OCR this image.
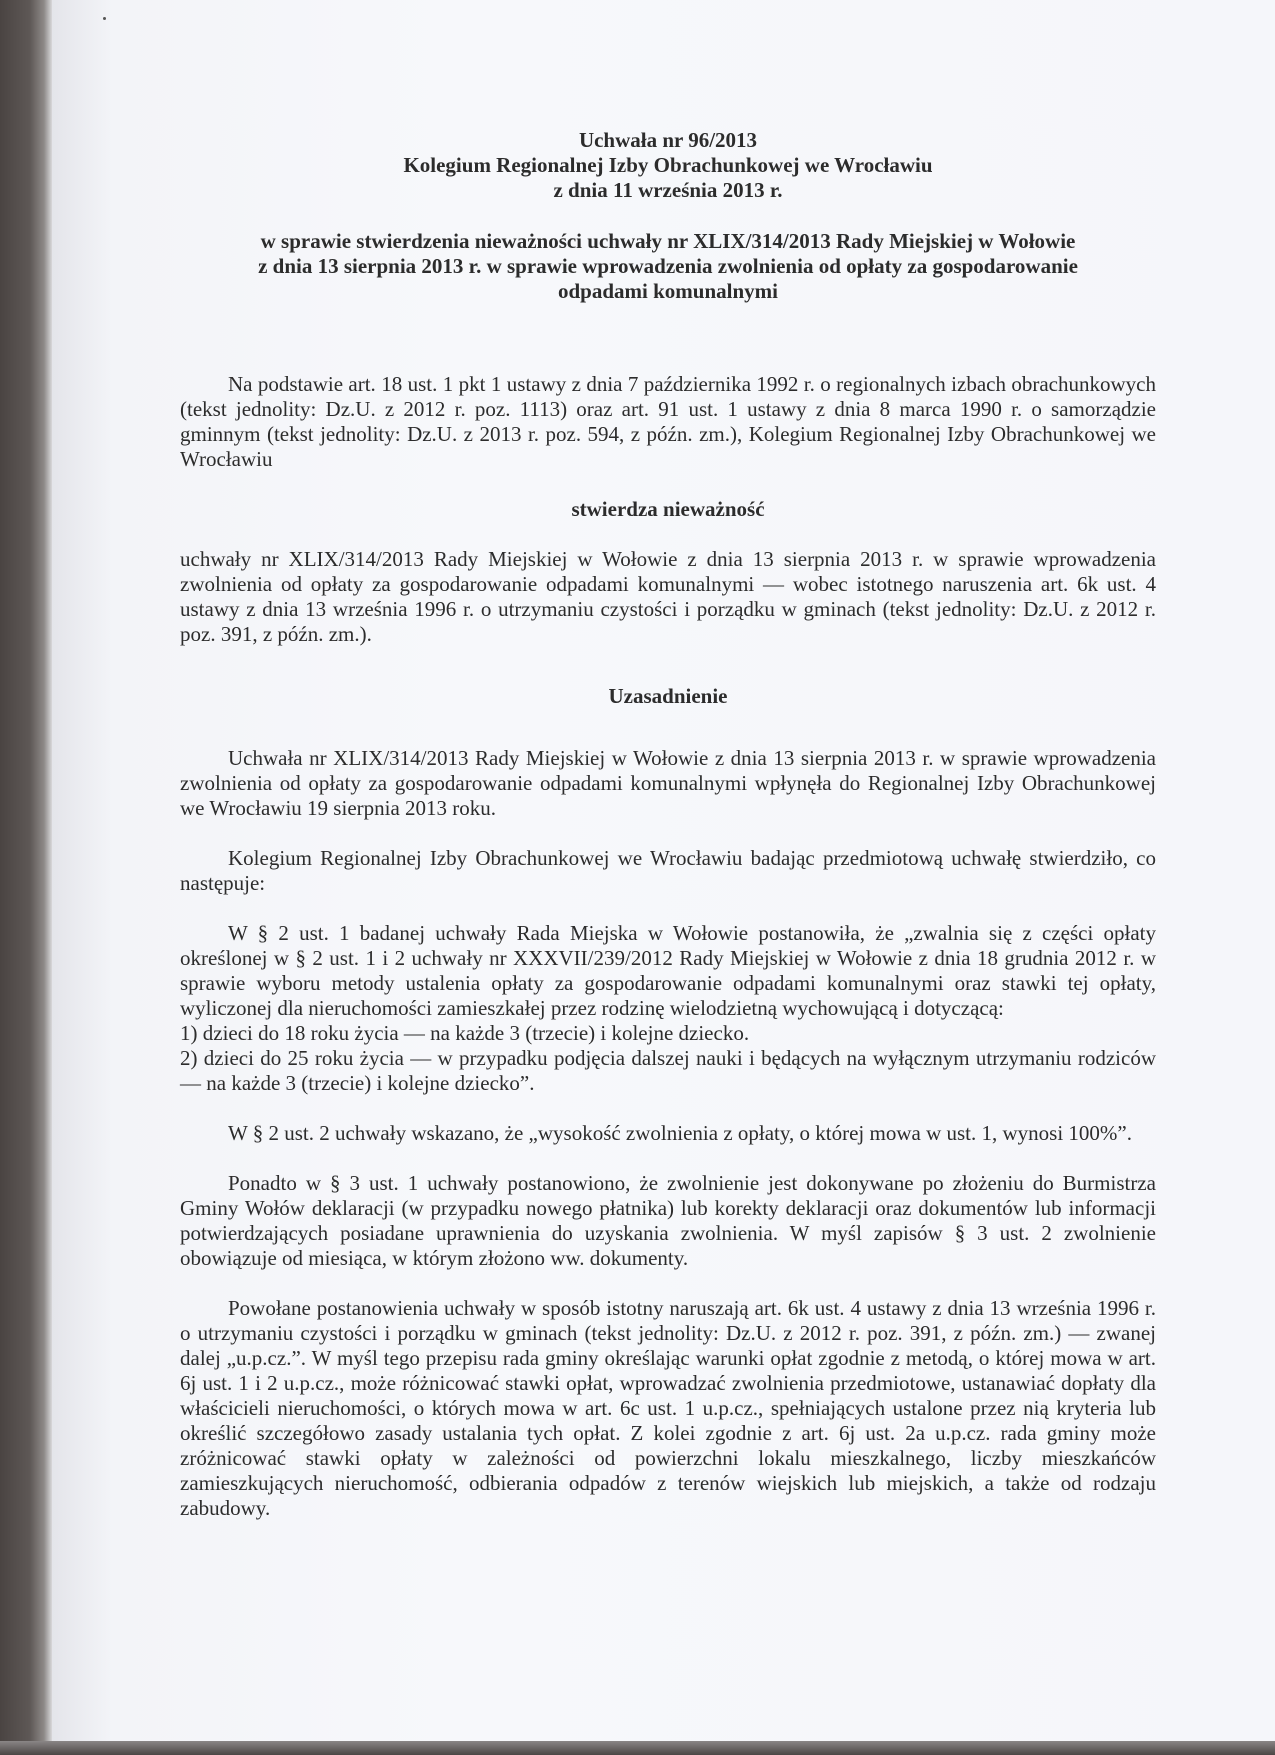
Uchwała nr 96/2013
Kolegium Regionalnej Izby Obrachunkowej we Wrocławiu
z dnia 11 września 2013 r.
w sprawie stwierdzenia nieważności uchwały nr XLIX/314/2013 Rady Miejskiej w Wołowie
z dnia 13 sierpnia 2013 r. w sprawie wprowadzenia zwolnienia od opłaty za gospodarowanie
odpadami komunalnymi

Na podstawie art. 18 ust. 1 pkt 1 ustawy z dnia 7 października 1992 r. o regionalnych izbach obrachunkowych (tekst jednolity: Dz.U. z 2012 r. poz. 1113) oraz art. 91 ust. 1 ustawy z dnia 8 marca 1990 r. o samorządzie gminnym (tekst jednolity: Dz.U. z 2013 r. poz. 594, z późn. zm.), Kolegium Regionalnej Izby Obrachunkowej we Wrocławiu

stwierdza nieważność

uchwały nr XLIX/314/2013 Rady Miejskiej w Wołowie z dnia 13 sierpnia 2013 r. w sprawie wprowadzenia zwolnienia od opłaty za gospodarowanie odpadami komunalnymi — wobec istotnego naruszenia art. 6k ust. 4 ustawy z dnia 13 września 1996 r. o utrzymaniu czystości i porządku w gminach (tekst jednolity: Dz.U. z 2012 r. poz. 391, z późn. zm.).

Uzasadnienie

Uchwała nr XLIX/314/2013 Rady Miejskiej w Wołowie z dnia 13 sierpnia 2013 r. w sprawie wprowadzenia zwolnienia od opłaty za gospodarowanie odpadami komunalnymi wpłynęła do Regionalnej Izby Obrachunkowej we Wrocławiu 19 sierpnia 2013 roku.

Kolegium Regionalnej Izby Obrachunkowej we Wrocławiu badając przedmiotową uchwałę stwierdziło, co następuje:

W § 2 ust. 1 badanej uchwały Rada Miejska w Wołowie postanowiła, że „zwalnia się z części opłaty określonej w § 2 ust. 1 i 2 uchwały nr XXXVII/239/2012 Rady Miejskiej w Wołowie z dnia 18 grudnia 2012 r. w sprawie wyboru metody ustalenia opłaty za gospodarowanie odpadami komunalnymi oraz stawki tej opłaty, wyliczonej dla nieruchomości zamieszkałej przez rodzinę wielodzietną wychowującą i dotyczącą:

1) dzieci do 18 roku życia — na każde 3 (trzecie) i kolejne dziecko.
2) dzieci do 25 roku życia — w przypadku podjęcia dalszej nauki i będących na wyłącznym utrzymaniu rodziców — na każde 3 (trzecie) i kolejne dziecko”.

W § 2 ust. 2 uchwały wskazano, że „wysokość zwolnienia z opłaty, o której mowa w ust. 1, wynosi 100%”.

Ponadto w § 3 ust. 1 uchwały postanowiono, że zwolnienie jest dokonywane po złożeniu do Burmistrza Gminy Wołów deklaracji (w przypadku nowego płatnika) lub korekty deklaracji oraz dokumentów lub informacji potwierdzających posiadane uprawnienia do uzyskania zwolnienia. W myśl zapisów § 3 ust. 2 zwolnienie obowiązuje od miesiąca, w którym złożono ww. dokumenty.

Powołane postanowienia uchwały w sposób istotny naruszają art. 6k ust. 4 ustawy z dnia 13 września 1996 r. o utrzymaniu czystości i porządku w gminach (tekst jednolity: Dz.U. z 2012 r. poz. 391, z późn. zm.) — zwanej dalej „u.p.cz.”. W myśl tego przepisu rada gminy określając warunki opłat zgodnie z metodą, o której mowa w art. 6j ust. 1 i 2 u.p.cz., może różnicować stawki opłat, wprowadzać zwolnienia przedmiotowe, ustanawiać dopłaty dla właścicieli nieruchomości, o których mowa w art. 6c ust. 1 u.p.cz., spełniających ustalone przez nią kryteria lub określić szczegółowo zasady ustalania tych opłat. Z kolei zgodnie z art. 6j ust. 2a u.p.cz. rada gminy może zróżnicować stawki opłaty w zależności od powierzchni lokalu mieszkalnego, liczby mieszkańców zamieszkujących nieruchomość, odbierania odpadów z terenów wiejskich lub miejskich, a także od rodzaju zabudowy.
